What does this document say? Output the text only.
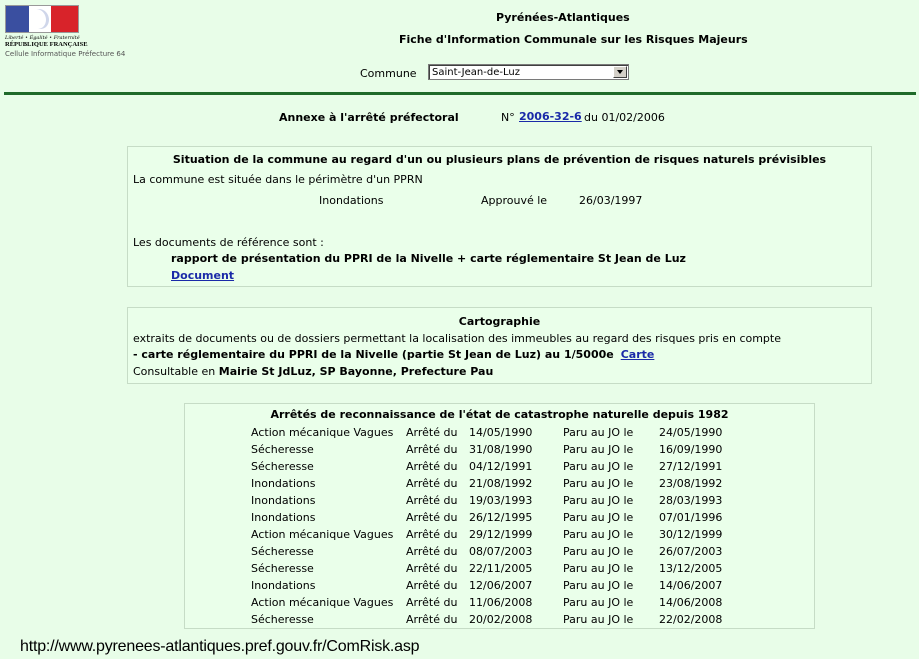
Liberté • Égalité • Fraternité
RÉPUBLIQUE FRANÇAISE
Cellule Informatique Préfecture 64
Pyrénées-Atlantiques
Fiche d'Information Communale sur les Risques Majeurs
Commune	Saint-Jean-de-Luz
Annexe à l'arrêté préfectoral	N° 2006-32-6 du 01/02/2006
Situation de la commune au regard d'un ou plusieurs plans de prévention de risques naturels prévisibles
La commune est située dans le périmètre d'un PPRN
Inondations	Approuvé le	26/03/1997
Les documents de référence sont :
rapport de présentation du PPRI de la Nivelle + carte réglementaire St Jean de Luz
Document
Cartographie
extraits de documents ou de dossiers permettant la localisation des immeubles au regard des risques pris en compte
- carte réglementaire du PPRI de la Nivelle (partie St Jean de Luz) au 1/5000e Carte
Consultable en Mairie St JdLuz, SP Bayonne, Prefecture Pau
Arrêtés de reconnaissance de l'état de catastrophe naturelle depuis 1982
Action mécanique Vagues	Arrêté du	14/05/1990	Paru au JO le	24/05/1990
Sécheresse	Arrêté du	31/08/1990	Paru au JO le	16/09/1990
Sécheresse	Arrêté du	04/12/1991	Paru au JO le	27/12/1991
Inondations	Arrêté du	21/08/1992	Paru au JO le	23/08/1992
Inondations	Arrêté du	19/03/1993	Paru au JO le	28/03/1993
Inondations	Arrêté du	26/12/1995	Paru au JO le	07/01/1996
Action mécanique Vagues	Arrêté du	29/12/1999	Paru au JO le	30/12/1999
Sécheresse	Arrêté du	08/07/2003	Paru au JO le	26/07/2003
Sécheresse	Arrêté du	22/11/2005	Paru au JO le	13/12/2005
Inondations	Arrêté du	12/06/2007	Paru au JO le	14/06/2007
Action mécanique Vagues	Arrêté du	11/06/2008	Paru au JO le	14/06/2008
Sécheresse	Arrêté du	20/02/2008	Paru au JO le	22/02/2008
http://www.pyrenees-atlantiques.pref.gouv.fr/ComRisk.asp
